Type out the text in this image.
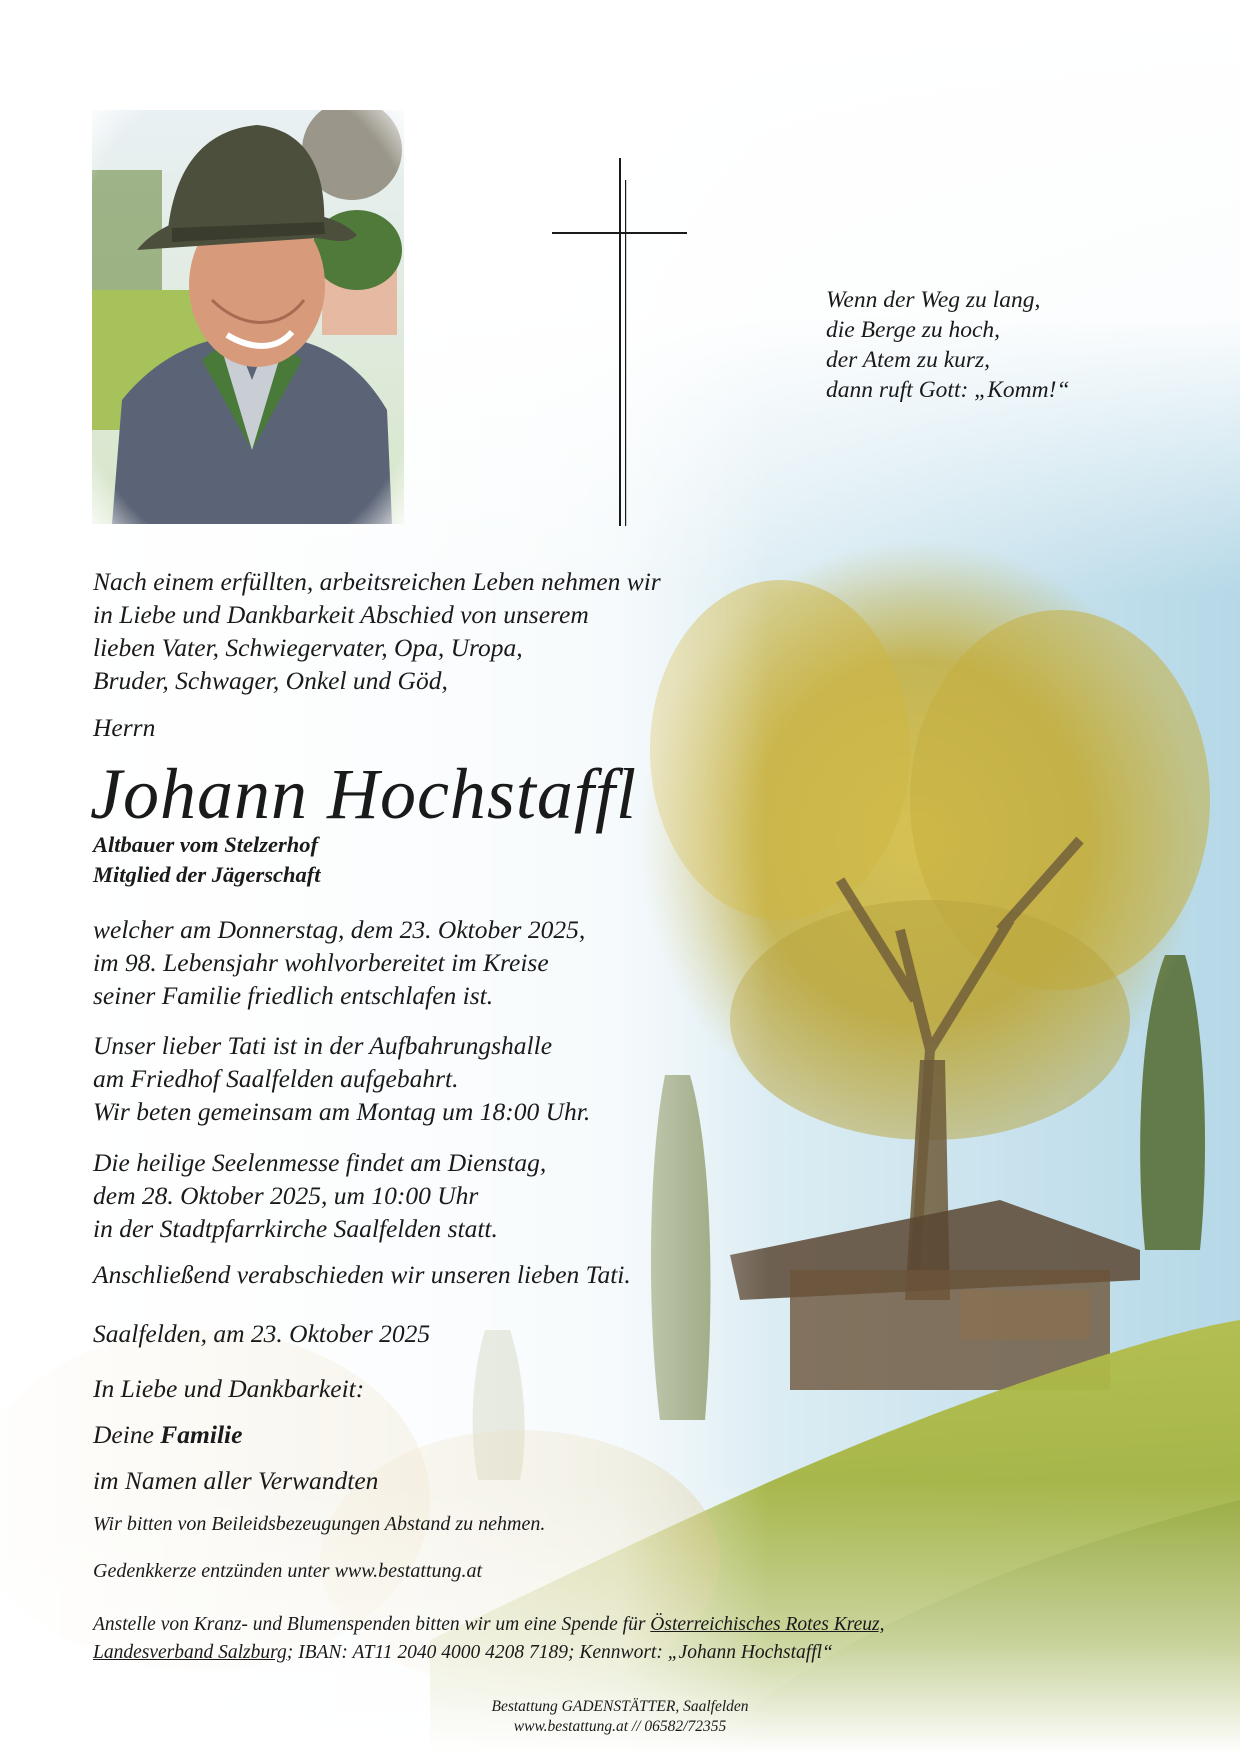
Wenn der Weg zu lang,
die Berge zu hoch,
der Atem zu kurz,
dann ruft Gott: „Komm!“
Nach einem erfüllten, arbeitsreichen Leben nehmen wir
in Liebe und Dankbarkeit Abschied von unserem
lieben Vater, Schwiegervater, Opa, Uropa,
Bruder, Schwager, Onkel und Göd,
Herrn
Johann Hochstaffl
Altbauer vom Stelzerhof
Mitglied der Jägerschaft
welcher am Donnerstag, dem 23. Oktober 2025,
im 98. Lebensjahr wohlvorbereitet im Kreise
seiner Familie friedlich entschlafen ist.
Unser lieber Tati ist in der Aufbahrungshalle
am Friedhof Saalfelden aufgebahrt.
Wir beten gemeinsam am Montag um 18:00 Uhr.
Die heilige Seelenmesse findet am Dienstag,
dem 28. Oktober 2025, um 10:00 Uhr
in der Stadtpfarrkirche Saalfelden statt.
Anschließend verabschieden wir unseren lieben Tati.
Saalfelden, am 23. Oktober 2025
In Liebe und Dankbarkeit:
Deine Familie
im Namen aller Verwandten
Wir bitten von Beileidsbezeugungen Abstand zu nehmen.
Gedenkkerze entzünden unter www.bestattung.at
Anstelle von Kranz- und Blumenspenden bitten wir um eine Spende für Österreichisches Rotes Kreuz,
Landesverband Salzburg; IBAN: AT11 2040 4000 4208 7189; Kennwort: „Johann Hochstaffl“
Bestattung GADENSTÄTTER, Saalfelden
www.bestattung.at // 06582/72355
